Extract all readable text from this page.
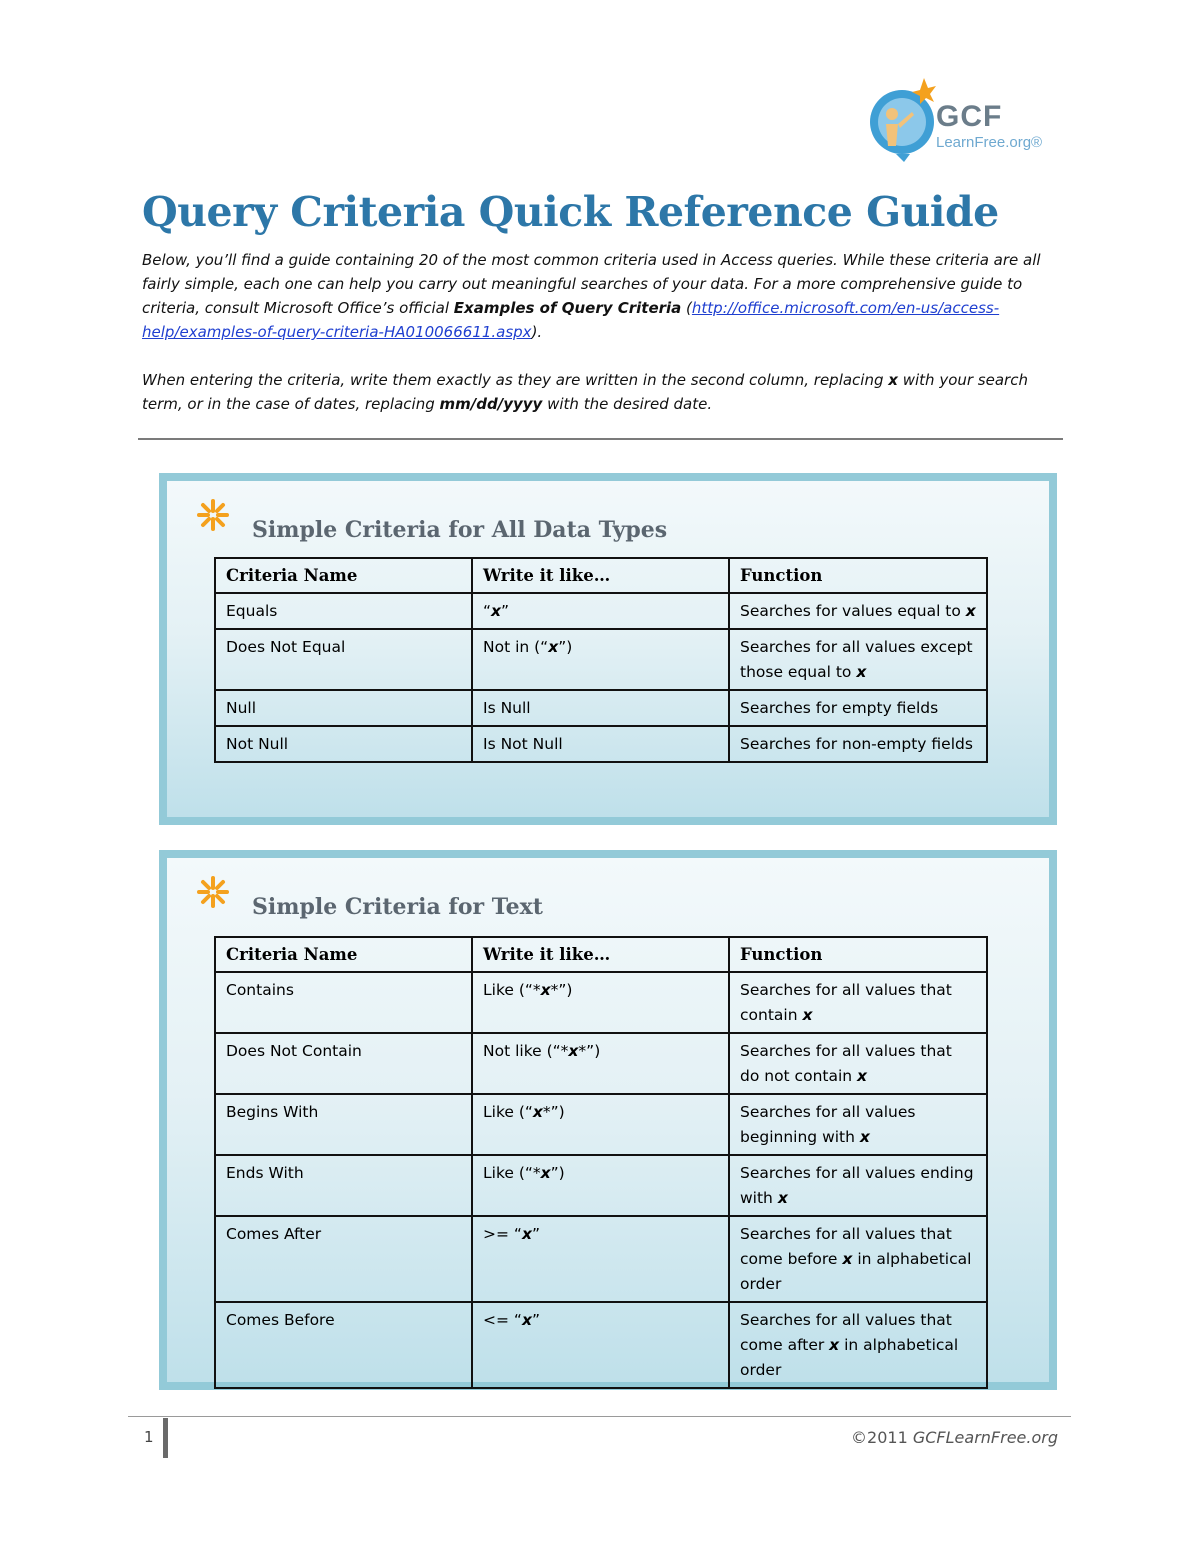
GCF
LearnFree.org®
Query Criteria Quick Reference Guide

Below, you’ll find a guide containing 20 of the most common criteria used in Access queries. While these criteria are all fairly simple, each one can help you carry out meaningful searches of your data. For a more comprehensive guide to criteria, consult Microsoft Office’s official Examples of Query Criteria (http://office.microsoft.com/en-us/access-help/examples-of-query-criteria-HA010066611.aspx).

When entering the criteria, write them exactly as they are written in the second column, replacing x with your search term, or in the case of dates, replacing mm/dd/yyyy with the desired date.

Simple Criteria for All Data Types
Criteria Name	Write it like…	Function
Equals	“x”	Searches for values equal to x
Does Not Equal	Not in (“x”)	Searches for all values except those equal to x
Null	Is Null	Searches for empty fields
Not Null	Is Not Null	Searches for non-empty fields
Simple Criteria for Text
Criteria Name	Write it like…	Function
Contains	Like (“*x*”)	Searches for all values that contain x
Does Not Contain	Not like (“*x*”)	Searches for all values that do not contain x
Begins With	Like (“x*”)	Searches for all values beginning with x
Ends With	Like (“*x”)	Searches for all values ending with x
Comes After	>= “x”	Searches for all values that come before x in alphabetical order
Comes Before	<= “x”	Searches for all values that come after x in alphabetical order
1	©2011 GCFLearnFree.org
